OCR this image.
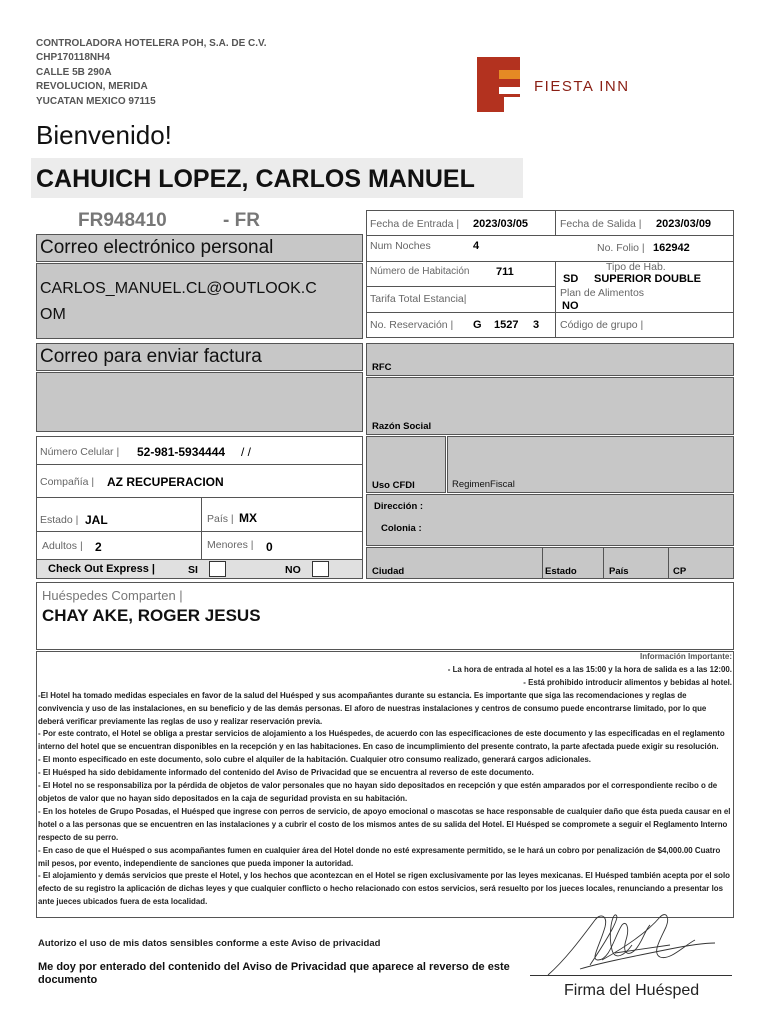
CONTROLADORA HOTELERA POH, S.A. DE C.V.
CHP170118NH4
CALLE 5B 290A
REVOLUCION, MERIDA
YUCATAN MEXICO 97115
FIESTA INN
Bienvenido!
CAHUICH LOPEZ, CARLOS MANUEL
FR948410	- FR
Correo electrónico personal
CARLOS_MANUEL.CL@OUTLOOK.C
OM
Fecha de Entrada | 2023/03/05	Fecha de Salida | 2023/03/09
Num Noches	4	No. Folio | 162942
Número de Habitación 711	Tipo de Hab.
SD SUPERIOR DOUBLE
Tarifa Total Estancia|	Plan de Alimentos
NO
No. Reservación | G 1527 3 Código de grupo |
Correo para enviar factura
RFC
Razón Social
Uso CFDI	RegimenFiscal
Dirección :
Colonia :
Ciudad	Estado	País	CP
Número Celular | 52-981-5934444 / /
Compañía | AZ RECUPERACION
Estado | JAL	País | MX
Adultos | 2	Menores | 0
Check Out Express |	SI	NO
Huéspedes Comparten |
CHAY AKE, ROGER JESUS

Información Importante:

- La hora de entrada al hotel es a las 15:00 y la hora de salida es a las 12:00.

- Está prohibido introducir alimentos y bebidas al hotel.

-El Hotel ha tomado medidas especiales en favor de la salud del Huésped y sus acompañantes durante su estancia. Es importante que siga las recomendaciones y reglas de convivencia y uso de las instalaciones, en su beneficio y de las demás personas. El aforo de nuestras instalaciones y centros de consumo puede encontrarse limitado, por lo que deberá verificar previamente las reglas de uso y realizar reservación previa.

- Por este contrato, el Hotel se obliga a prestar servicios de alojamiento a los Huéspedes, de acuerdo con las especificaciones de este documento y las especificadas en el reglamento interno del hotel que se encuentran disponibles en la recepción y en las habitaciones. En caso de incumplimiento del presente contrato, la parte afectada puede exigir su resolución.

- El monto especificado en este documento, solo cubre el alquiler de la habitación. Cualquier otro consumo realizado, generará cargos adicionales.

- El Huésped ha sido debidamente informado del contenido del Aviso de Privacidad que se encuentra al reverso de este documento.

- El Hotel no se responsabiliza por la pérdida de objetos de valor personales que no hayan sido depositados en recepción y que estén amparados por el correspondiente recibo o de objetos de valor que no hayan sido depositados en la caja de seguridad provista en su habitación.

- En los hoteles de Grupo Posadas, el Huésped que ingrese con perros de servicio, de apoyo emocional o mascotas se hace responsable de cualquier daño que ésta pueda causar en el hotel o a las personas que se encuentren en las instalaciones y a cubrir el costo de los mismos antes de su salida del Hotel. El Huésped se compromete a seguir el Reglamento Interno respecto de su perro.

- En caso de que el Huésped o sus acompañantes fumen en cualquier área del Hotel donde no esté expresamente permitido, se le hará un cobro por penalización de $4,000.00 Cuatro mil pesos, por evento, independiente de sanciones que pueda imponer la autoridad.

- El alojamiento y demás servicios que preste el Hotel, y los hechos que acontezcan en el Hotel se rigen exclusivamente por las leyes mexicanas. El Huésped también acepta por el solo efecto de su registro la aplicación de dichas leyes y que cualquier conflicto o hecho relacionado con estos servicios, será resuelto por los jueces locales, renunciando a presentar los ante jueces ubicados fuera de esta localidad.

Autorizo el uso de mis datos sensibles conforme a este Aviso de privacidad
Me doy por enterado del contenido del Aviso de Privacidad que aparece al reverso de este documento
Firma del Huésped
